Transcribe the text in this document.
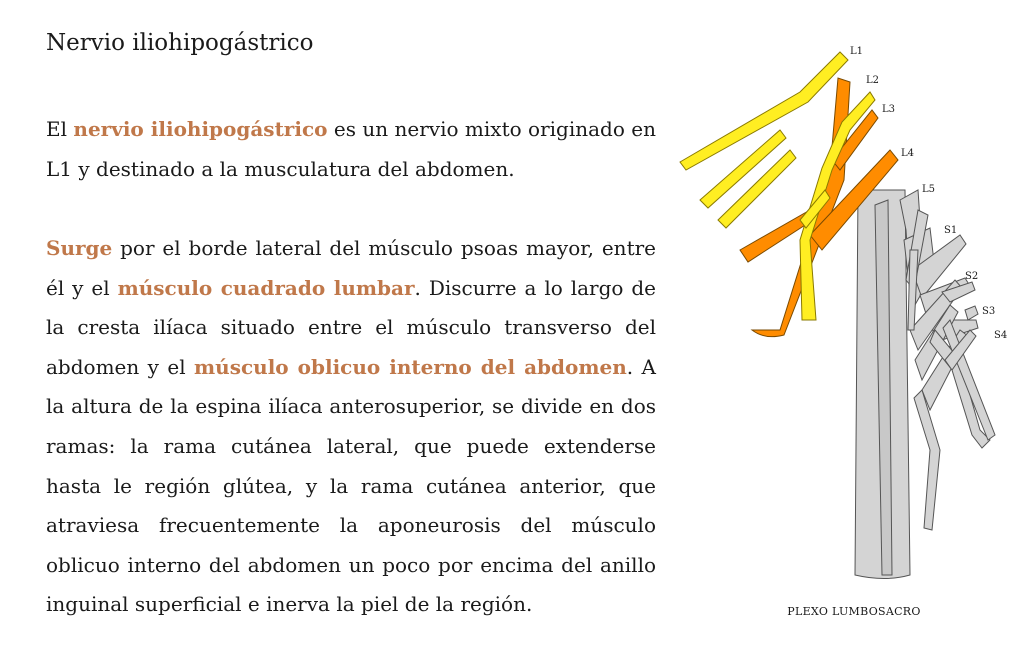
Nervio iliohipogástrico

El nervio iliohipogástrico es un nervio mixto originado en L1 y destinado a la musculatura del abdomen.

Surge por el borde lateral del músculo psoas mayor, entre él y el músculo cuadrado lumbar. Discurre a lo largo de la cresta ilíaca situado entre el músculo transverso del abdomen y el músculo oblicuo interno del abdomen. A la altura de la espina ilíaca anterosuperior, se divide en dos ramas: la rama cutánea lateral, que puede extenderse hasta le región glútea, y la rama cutánea anterior, que atraviesa frecuentemente la aponeurosis del músculo oblicuo interno del abdomen un poco por encima del anillo inguinal superficial e inerva la piel de la región.

L1
L2
L3
L4
L5
S1
S2
S3
S4
PLEXO LUMBOSACRO
